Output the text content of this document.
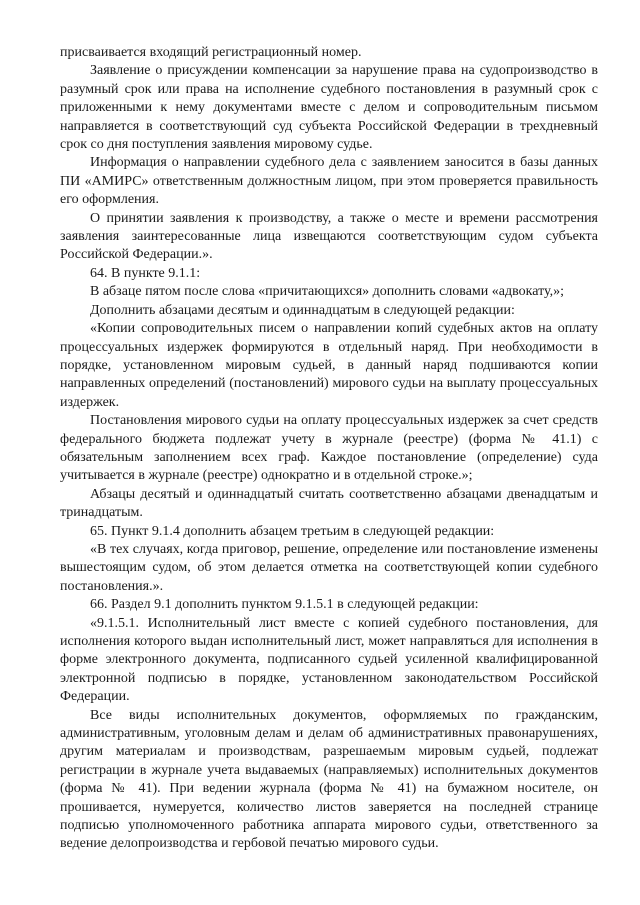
присваивается входящий регистрационный номер.

Заявление о присуждении компенсации за нарушение права на судопроизводство в разумный срок или права на исполнение судебного постановления в разумный срок с приложенными к нему документами вместе с делом и сопроводительным письмом направляется в соответствующий суд субъекта Российской Федерации в трехдневный срок со дня поступления заявления мировому судье.

Информация о направлении судебного дела с заявлением заносится в базы данных ПИ «АМИРС» ответственным должностным лицом, при этом проверяется правильность его оформления.

О принятии заявления к производству, а также о месте и времени рассмотрения заявления заинтересованные лица извещаются соответствующим судом субъекта Российской Федерации.».

64. В пункте 9.1.1:

В абзаце пятом после слова «причитающихся» дополнить словами «адвокату,»;

Дополнить абзацами десятым и одиннадцатым в следующей редакции:

«Копии сопроводительных писем о направлении копий судебных актов на оплату процессуальных издержек формируются в отдельный наряд. При необходимости в порядке, установленном мировым судьей, в данный наряд подшиваются копии направленных определений (постановлений) мирового судьи на выплату процессуальных издержек.

Постановления мирового судьи на оплату процессуальных издержек за счет средств федерального бюджета подлежат учету в журнале (реестре) (форма № 41.1) с обязательным заполнением всех граф. Каждое постановление (определение) суда учитывается в журнале (реестре) однократно и в отдельной строке.»;

Абзацы десятый и одиннадцатый считать соответственно абзацами двенадцатым и тринадцатым.

65. Пункт 9.1.4 дополнить абзацем третьим в следующей редакции:

«В тех случаях, когда приговор, решение, определение или постановление изменены вышестоящим судом, об этом делается отметка на соответствующей копии судебного постановления.».

66. Раздел 9.1 дополнить пунктом 9.1.5.1 в следующей редакции:

«9.1.5.1. Исполнительный лист вместе с копией судебного постановления, для исполнения которого выдан исполнительный лист, может направляться для исполнения в форме электронного документа, подписанного судьей усиленной квалифицированной электронной подписью в порядке, установленном законодательством Российской Федерации.

Все виды исполнительных документов, оформляемых по гражданским, административным, уголовным делам и делам об административных правонарушениях, другим материалам и производствам, разрешаемым мировым судьей, подлежат регистрации в журнале учета выдаваемых (направляемых) исполнительных документов (форма № 41). При ведении журнала (форма № 41) на бумажном носителе, он прошивается, нумеруется, количество листов заверяется на последней странице подписью уполномоченного работника аппарата мирового судьи, ответственного за ведение делопроизводства и гербовой печатью мирового судьи.
